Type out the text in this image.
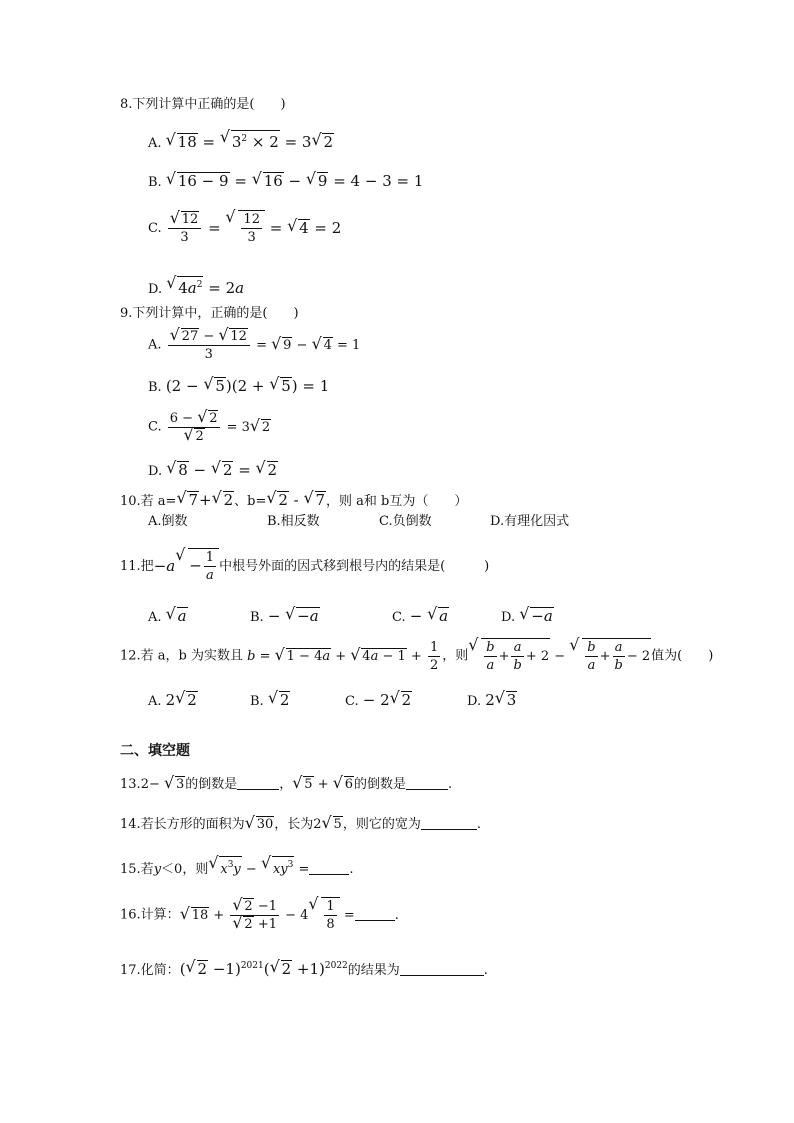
8.下列计算中正确的是(　　)
A. √ 18 = √ $3^2 \times 2 = 3√$ 2
B. √ 16 − 9 = √ 16 − √ 9 = 4 − 3 = 1
C.
√ $\frac{12}{3}$ =
√ $\frac{12}{3}$ = √ 4 = 2
D. √ $4a^2 = 2a$
9.下列计算中，正确的是(　　)
A.
√ $\frac{27 - √ 12}{3}$ = √ 9 − √ 4 = 1
B. (2 − √ 5)(2 + √ 5) = 1
C. 6 − √ 2
√ 2 = 3√ 2
D. √ 8 − √ 2 = √ 2
10.若 a=√ 7+√ 2、b=√ 2 - √ 7，则 a和 b互为（　　）
A.倒数	B.相反数	C.负倒数	D.有理化因式
11.把$-a√ - \frac{1}{a}$ 中根号外面的因式移到根号内的结果是(　　　)
A. √ a	B. − √ −a	C. − √ a	D. √ −a
12.若 a，b 为实数且 b = √ 1 − 4a + √ $4a - 1 + \frac{1}{2}$ ，则
√ $\frac{b}{a} + \frac{a}{b} + 2$ −
√ $\frac{b}{a} + \frac{a}{b} - 2$值为(　　)
A. 2√ 2	B. √ 2	C. − 2√ 2	D. 2√ 3
二、填空题
13.2− √ 3的倒数是	，√ 5 + √ 6的倒数是	.
14.若长方形的面积为√ 30，长为2√ 5，则它的宽为	.
15.若y＜0，则√ $x^3y$ − √ $xy^3$ =	.
16.计算：√ 18 +
√ 2 −1
√ 2 +1 − 4
√ $\frac{1}{8}$ =	.
17.化简：(√ 2 −1)$^{2021}$(√ 2 +1)$^{2022}$的结果为	.
